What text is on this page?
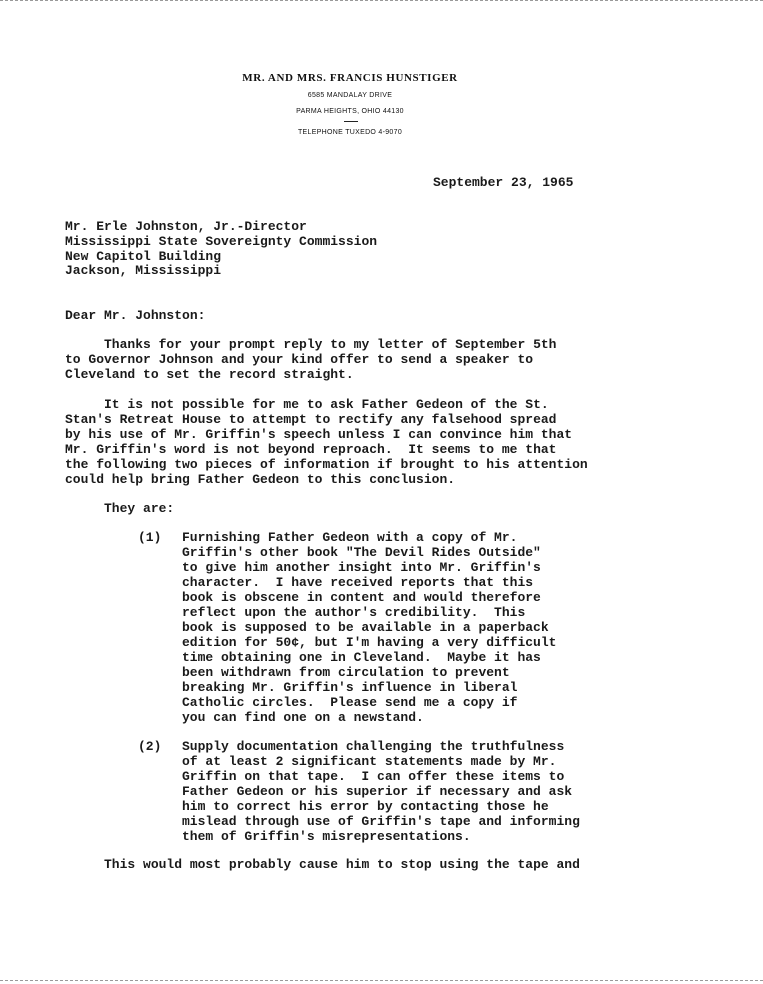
MR. AND MRS. FRANCIS HUNSTIGER
6585 MANDALAY DRIVE
PARMA HEIGHTS, OHIO 44130
TELEPHONE TUXEDO 4-9070
September 23, 1965
Mr. Erle Johnston, Jr.-Director
Mississippi State Sovereignty Commission
New Capitol Building
Jackson, Mississippi
Dear Mr. Johnston:
Thanks for your prompt reply to my letter of September 5th
to Governor Johnson and your kind offer to send a speaker to
Cleveland to set the record straight.
It is not possible for me to ask Father Gedeon of the St.
Stan's Retreat House to attempt to rectify any falsehood spread
by his use of Mr. Griffin's speech unless I can convince him that
Mr. Griffin's word is not beyond reproach.  It seems to me that
the following two pieces of information if brought to his attention
could help bring Father Gedeon to this conclusion.
They are:
(1) Furnishing Father Gedeon with a copy of Mr.
Griffin's other book "The Devil Rides Outside"
to give him another insight into Mr. Griffin's
character.  I have received reports that this
book is obscene in content and would therefore
reflect upon the author's credibility.  This
book is supposed to be available in a paperback
edition for 50¢, but I'm having a very difficult
time obtaining one in Cleveland.  Maybe it has
been withdrawn from circulation to prevent
breaking Mr. Griffin's influence in liberal
Catholic circles.  Please send me a copy if
you can find one on a newstand.
(2) Supply documentation challenging the truthfulness
of at least 2 significant statements made by Mr.
Griffin on that tape.  I can offer these items to
Father Gedeon or his superior if necessary and ask
him to correct his error by contacting those he
mislead through use of Griffin's tape and informing
them of Griffin's misrepresentations.
This would most probably cause him to stop using the tape and
